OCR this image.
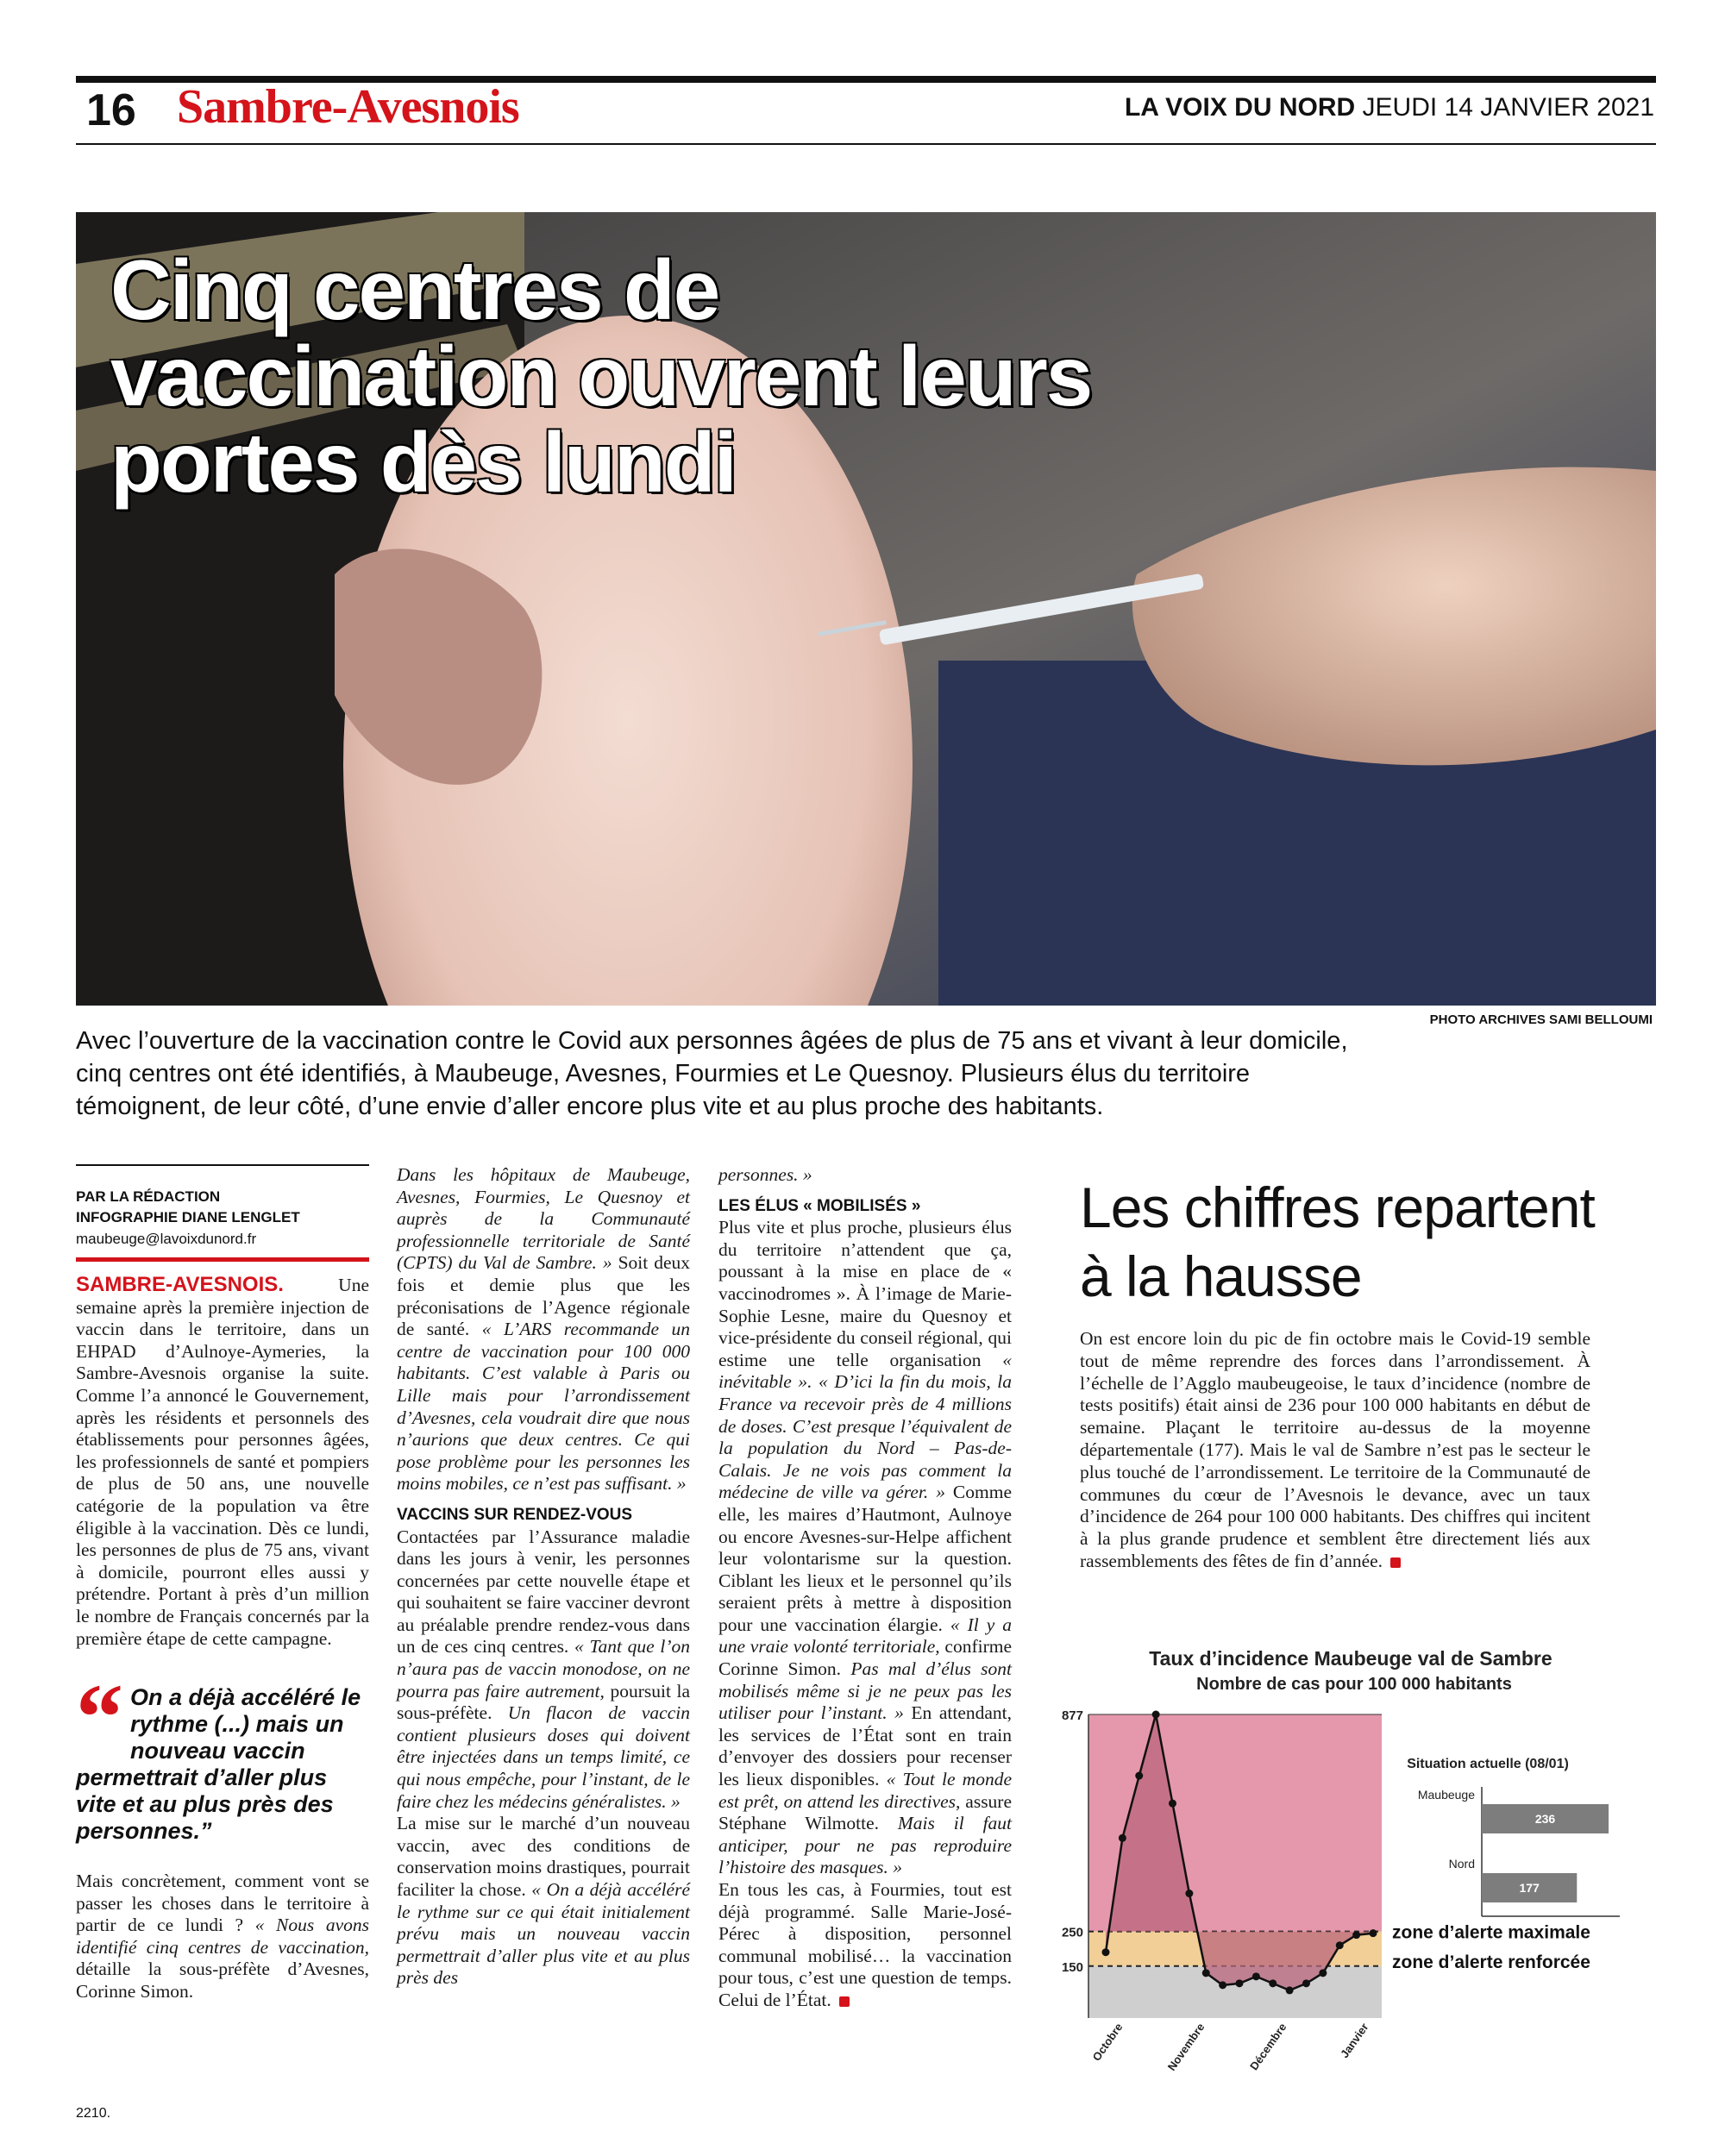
16 Sambre-Avesnois	LA VOIX DU NORD JEUDI 14 JANVIER 2021
Cinq centres de vaccination ouvrent leurs portes dès lundi
PHOTO ARCHIVES SAMI BELLOUMI
Avec l’ouverture de la vaccination contre le Covid aux personnes âgées de plus de 75 ans et vivant à leur domicile, cinq centres ont été identifiés, à Maubeuge, Avesnes, Fourmies et Le Quesnoy. Plusieurs élus du territoire témoignent, de leur côté, d’une envie d’aller encore plus vite et au plus proche des habitants.
PAR LA RÉDACTION
INFOGRAPHIE DIANE LENGLET
maubeuge@lavoixdunord.fr

SAMBRE-AVESNOIS.	Une semaine après la première injection de vaccin dans le territoire, dans un EHPAD d’Aulnoye-Aymeries, la Sambre-Avesnois organise la suite. Comme l’a annoncé le Gouvernement, après les résidents et personnels des établissements pour personnes âgées, les professionnels de santé et pompiers de plus de 50 ans, une nouvelle catégorie de la population va être éligible à la vaccination. Dès ce lundi, les personnes de plus de 75 ans, vivant à domicile, pourront elles aussi y prétendre. Portant à près d’un million le nombre de Français concernés par la première étape de cette campagne.

“ On a déjà accéléré le rythme (...) mais un nouveau vaccin permettrait d’aller plus vite et au plus près des personnes.”

Mais concrètement, comment vont se passer les choses dans le territoire à partir de ce lundi ? « Nous avons identifié cinq centres de vaccination, détaille la sous-préfète d’Avesnes, Corinne Simon.

Dans les hôpitaux de Maubeuge, Avesnes, Fourmies, Le Quesnoy et auprès de la Communauté professionnelle territoriale de Santé (CPTS) du Val de Sambre. » Soit deux fois et demie plus que les préconisations de l’Agence régionale de santé. « L’ARS recommande un centre de vaccination pour 100 000 habitants. C’est valable à Paris ou Lille mais pour l’arrondissement d’Avesnes, cela voudrait dire que nous n’aurions que deux centres. Ce qui pose problème pour les personnes les moins mobiles, ce n’est pas suffisant. »

VACCINS SUR RENDEZ-VOUS

Contactées par l’Assurance maladie dans les jours à venir, les personnes concernées par cette nouvelle étape et qui souhaitent se faire vacciner devront au préalable prendre rendez-vous dans un de ces cinq centres. « Tant que l’on n’aura pas de vaccin monodose, on ne pourra pas faire autrement, poursuit la sous-préfète. Un flacon de vaccin contient plusieurs doses qui doivent être injectées dans un temps limité, ce qui nous empêche, pour l’instant, de le faire chez les médecins généralistes. »

La mise sur le marché d’un nouveau vaccin, avec des conditions de conservation moins drastiques, pourrait faciliter la chose. « On a déjà accéléré le rythme sur ce qui était initialement prévu mais un nouveau vaccin permettrait d’aller plus vite et au plus près des

personnes. »

LES ÉLUS « MOBILISÉS »

Plus vite et plus proche, plusieurs élus du territoire n’attendent que ça, poussant à la mise en place de « vaccinodromes ». À l’image de Marie-Sophie Lesne, maire du Quesnoy et vice-présidente du conseil régional, qui estime une telle organisation « inévitable ». « D’ici la fin du mois, la France va recevoir près de 4 millions de doses. C’est presque l’équivalent de la population du Nord – Pas-de-Calais. Je ne vois pas comment la médecine de ville va gérer. » Comme elle, les maires d’Hautmont, Aulnoye ou encore Avesnes-sur-Helpe affichent leur volontarisme sur la question. Ciblant les lieux et le personnel qu’ils seraient prêts à mettre à disposition pour une vaccination élargie. « Il y a une vraie volonté territoriale, confirme Corinne Simon. Pas mal d’élus sont mobilisés même si je ne peux pas les utiliser pour l’instant. » En attendant, les services de l’État sont en train d’envoyer des dossiers pour recenser les lieux disponibles. « Tout le monde est prêt, on attend les directives, assure Stéphane Wilmotte. Mais il faut anticiper, pour ne pas reproduire l’histoire des masques. »

En tous les cas, à Fourmies, tout est déjà programmé. Salle Marie-José-Pérec à disposition, personnel communal mobilisé… la vaccination pour tous, c’est une question de temps. Celui de l’État.

Les chiffres repartent à la hausse
On est encore loin du pic de fin octobre mais le Covid-19 semble tout de même reprendre des forces dans l’arrondissement. À l’échelle de l’Agglo maubeugeoise, le taux d’incidence (nombre de tests positifs) était ainsi de 236 pour 100 000 habitants en début de semaine. Plaçant le territoire au-dessus de la moyenne départementale (177). Mais le val de Sambre n’est pas le secteur le plus touché de l’arrondissement. Le territoire de la Communauté de communes du cœur de l’Avesnois le devance, avec un taux d’incidence de 264 pour 100 000 habitants. Des chiffres qui incitent à la plus grande prudence et semblent être directement liés aux rassemblements des fêtes de fin d’année.
Taux d’incidence Maubeuge val de Sambre
Nombre de cas pour 100 000 habitants
150
250
877
Octobre	Novembre	Décembre	Janvier
zone d’alerte maximale
zone d’alerte renforcée
Situation actuelle (08/01)
Maubeuge
236
Nord
177
2210.
